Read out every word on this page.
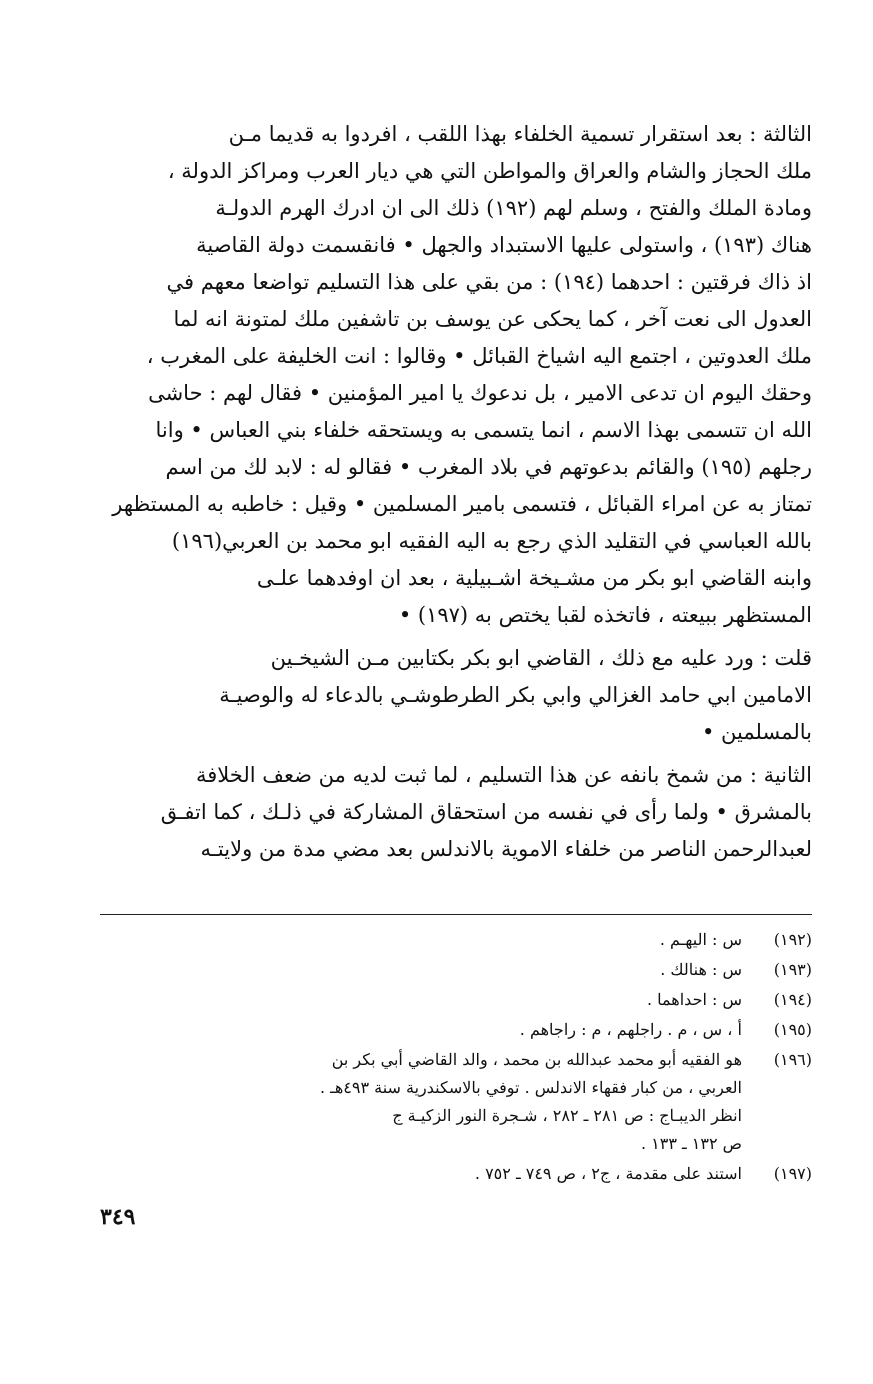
الثالثة : بعد استقرار تسمية الخلفاء بهذا اللقب ، افردوا به قديما مـن
ملك الحجاز والشام والعراق والمواطن التي هي ديار العرب ومراكز الدولة ،
ومادة الملك والفتح ، وسلم لهم (١٩٢) ذلك الى ان ادرك الهرم الدولـة
هناك (١٩٣) ، واستولى عليها الاستبداد والجهل • فانقسمت دولة القاصية
اذ ذاك فرقتين : احدهما (١٩٤) : من بقي على هذا التسليم تواضعا معهم في
العدول الى نعت آخر ، كما يحكى عن يوسف بن تاشفين ملك لمتونة انه لما
ملك العدوتين ، اجتمع اليه اشياخ القبائل • وقالوا : انت الخليفة على المغرب ،
وحقك اليوم ان تدعى الامير ، بل ندعوك يا امير المؤمنين • فقال لهم : حاشى
الله ان تتسمى بهذا الاسم ، انما يتسمى به ويستحقه خلفاء بني العباس • وانا
رجلهم (١٩٥) والقائم بدعوتهم في بلاد المغرب • فقالو له : لابد لك من اسم
تمتاز به عن امراء القبائل ، فتسمى بامير المسلمين • وقيل : خاطبه به المستظهر
بالله العباسي في التقليد الذي رجع به اليه الفقيه ابو محمد بن العربي(١٩٦)
وابنه القاضي ابو بكر من مشـيخة اشـبيلية ، بعد ان اوفدهما علـى
المستظهر ببيعته ، فاتخذه لقبا يختص به (١٩٧) •
قلت : ورد عليه مع ذلك ، القاضي ابو بكر بكتابين مـن الشيخـين
الامامين ابي حامد الغزالي وابي بكر الطرطوشـي بالدعاء له والوصيـة
بالمسلمين •
الثانية : من شمخ بانفه عن هذا التسليم ، لما ثبت لديه من ضعف الخلافة
بالمشرق • ولما رأى في نفسه من استحقاق المشاركة في ذلـك ، كما اتفـق
لعبدالرحمن الناصر من خلفاء الاموية بالاندلس بعد مضي مدة من ولايتـه
(١٩٢)
س : اليهـم .
(١٩٣)
س : هنالك .
(١٩٤)
س : احداهما .
(١٩٥)
أ ، س ، م . راجلهم ، م : راجاهم .
(١٩٦)
هو الفقيه أبو محمد عبدالله بن محمد ، والد القاضي أبي بكر بن
العربي ، من كبار فقهاء الاندلس . توفي بالاسكندرية سنة ٤٩٣هـ .
انظر الديبـاج : ص ٢٨١ ـ ٢٨٢ ، شـجرة النور الزكيـة ج
ص ١٣٢ ـ ١٣٣ .
(١٩٧)
استند على مقدمة ، ج٢ ، ص ٧٤٩ ـ ٧٥٢ .
٣٤٩
